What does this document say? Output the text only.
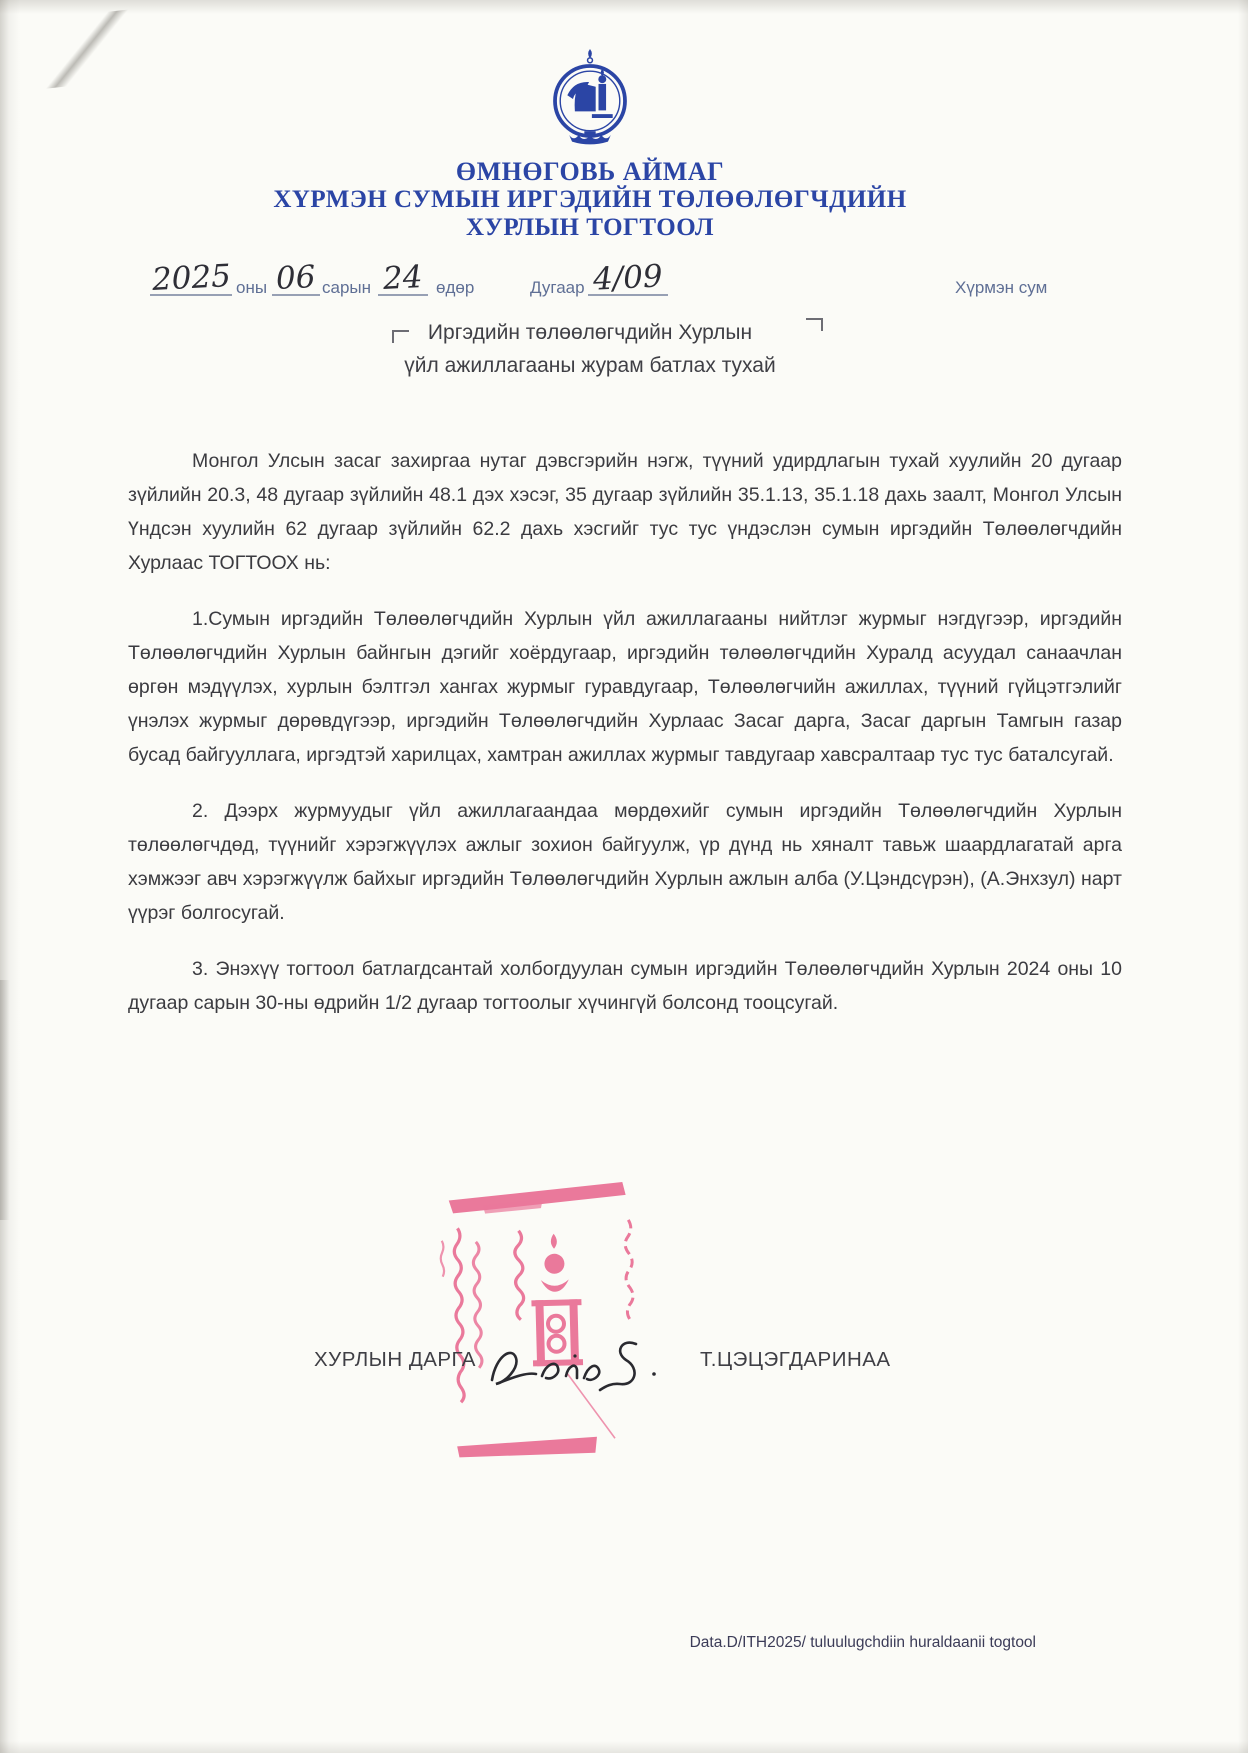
ӨМНӨГОВЬ АЙМАГ
ХҮРМЭН СУМЫН ИРГЭДИЙН ТӨЛӨӨЛӨГЧДИЙН
ХУРЛЫН ТОГТООЛ
2025 оны 06 сарын 24 өдөр	Дугаар 4/09	Хүрмэн сум
Иргэдийн төлөөлөгчдийн Хурлын
үйл ажиллагааны журам батлах тухай

Монгол Улсын засаг захиргаа нутаг дэвсгэрийн нэгж, түүний удирдлагын тухай хуулийн 20 дугаар зүйлийн 20.3, 48 дугаар зүйлийн 48.1 дэх хэсэг, 35 дугаар зүйлийн 35.1.13, 35.1.18 дахь заалт, Монгол Улсын Үндсэн хуулийн 62 дугаар зүйлийн 62.2 дахь хэсгийг тус тус үндэслэн сумын иргэдийн Төлөөлөгчдийн Хурлаас ТОГТООХ нь:

1.Сумын иргэдийн Төлөөлөгчдийн Хурлын үйл ажиллагааны нийтлэг журмыг нэгдүгээр, иргэдийн Төлөөлөгчдийн Хурлын байнгын дэгийг хоёрдугаар, иргэдийн төлөөлөгчдийн Хуралд асуудал санаачлан өргөн мэдүүлэх, хурлын бэлтгэл хангах журмыг гуравдугаар, Төлөөлөгчийн ажиллах, түүний гүйцэтгэлийг үнэлэх журмыг дөрөвдүгээр, иргэдийн Төлөөлөгчдийн Хурлаас Засаг дарга, Засаг даргын Тамгын газар бусад байгууллага, иргэдтэй харилцах, хамтран ажиллах журмыг тавдугаар хавсралтаар тус тус баталсугай.

2. Дээрх журмуудыг үйл ажиллагаандаа мөрдөхийг сумын иргэдийн Төлөөлөгчдийн Хурлын төлөөлөгчдөд, түүнийг хэрэгжүүлэх ажлыг зохион байгуулж, үр дүнд нь хяналт тавьж шаардлагатай арга хэмжээг авч хэрэгжүүлж байхыг иргэдийн Төлөөлөгчдийн Хурлын ажлын алба (У.Цэндсүрэн), (А.Энхзул) нарт үүрэг болгосугай.

3. Энэхүү тогтоол батлагдсантай холбогдуулан сумын иргэдийн Төлөөлөгчдийн Хурлын 2024 оны 10 дугаар сарын 30-ны өдрийн 1/2 дугаар тогтоолыг хүчингүй болсонд тооцсугай.

ХУРЛЫН ДАРГА	Т.ЦЭЦЭГДАРИНАА
Data.D/ITH2025/ tuluulugchdiin huraldaanii togtool
